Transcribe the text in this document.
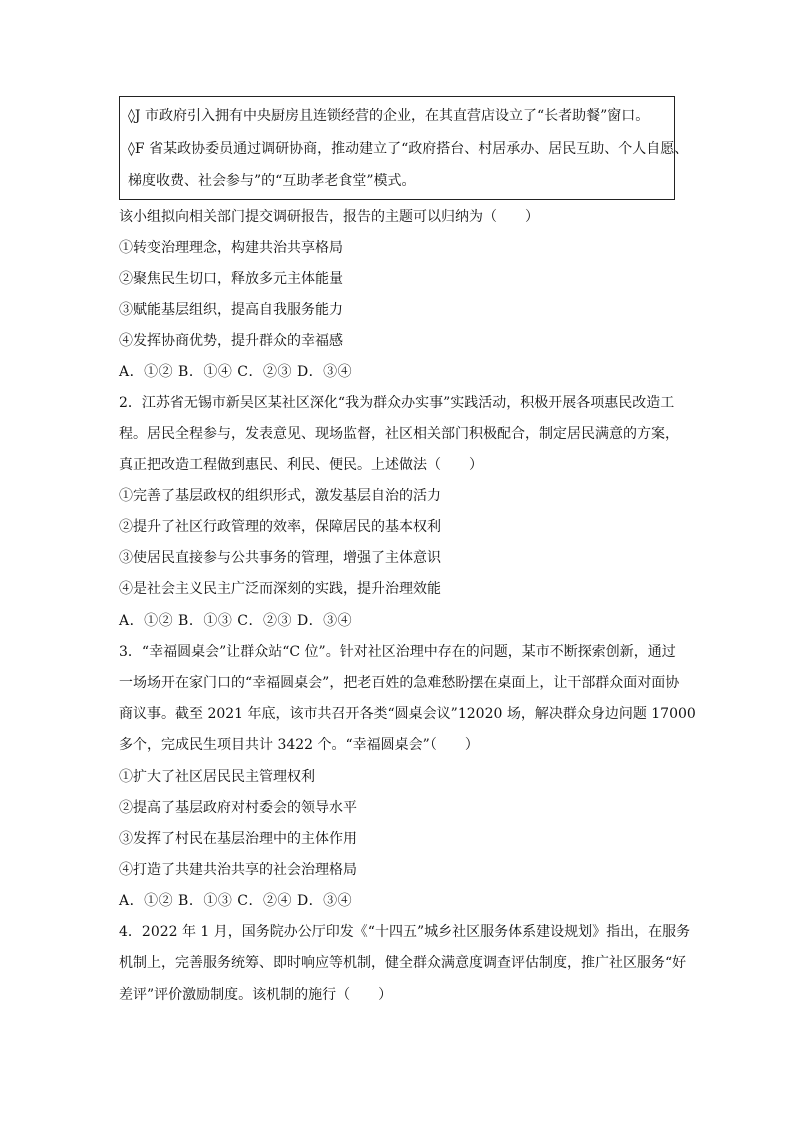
◊J 市政府引入拥有中央厨房且连锁经营的企业，在其直营店设立了“长者助餐”窗口。
◊F 省某政协委员通过调研协商，推动建立了“政府搭台、村居承办、居民互助、个人自愿、
梯度收费、社会参与”的“互助孝老食堂”模式。
该小组拟向相关部门提交调研报告，报告的主题可以归纳为（　　）
①转变治理理念，构建共治共享格局
②聚焦民生切口，释放多元主体能量
③赋能基层组织，提高自我服务能力
④发挥协商优势，提升群众的幸福感
A．①② B．①④ C．②③ D．③④
2．江苏省无锡市新吴区某社区深化“我为群众办实事”实践活动，积极开展各项惠民改造工
程。居民全程参与，发表意见、现场监督，社区相关部门积极配合，制定居民满意的方案，
真正把改造工程做到惠民、利民、便民。上述做法（　　）
①完善了基层政权的组织形式，激发基层自治的活力
②提升了社区行政管理的效率，保障居民的基本权利
③使居民直接参与公共事务的管理，增强了主体意识
④是社会主义民主广泛而深刻的实践，提升治理效能
A．①② B．①③ C．②③ D．③④
3．“幸福圆桌会”让群众站“C 位”。针对社区治理中存在的问题，某市不断探索创新，通过
一场场开在家门口的“幸福圆桌会”，把老百姓的急难愁盼摆在桌面上，让干部群众面对面协
商议事。截至 2021 年底，该市共召开各类“圆桌会议”12020 场，解决群众身边问题 17000
多个，完成民生项目共计 3422 个。“幸福圆桌会”（　　）
①扩大了社区居民民主管理权利
②提高了基层政府对村委会的领导水平
③发挥了村民在基层治理中的主体作用
④打造了共建共治共享的社会治理格局
A．①② B．①③ C．②④ D．③④
4．2022 年 1 月，国务院办公厅印发《“十四五”城乡社区服务体系建设规划》指出，在服务
机制上，完善服务统筹、即时响应等机制，健全群众满意度调查评估制度，推广社区服务“好
差评”评价激励制度。该机制的施行（　　）
